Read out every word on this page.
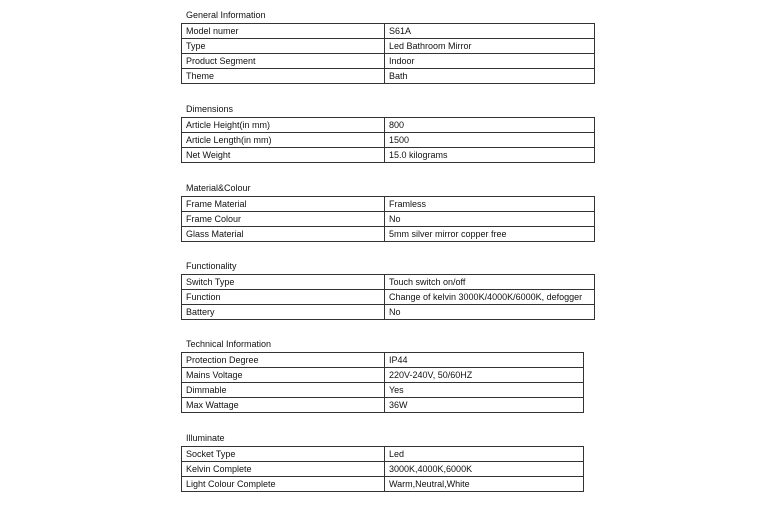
General Information
Model numer	S61A
Type	Led Bathroom Mirror
Product Segment	Indoor
Theme	Bath
Dimensions
Article Height(in mm)	800
Article Length(in mm)	1500
Net Weight	15.0 kilograms
Material&Colour
Frame Material	Framless
Frame Colour	No
Glass Material	5mm silver mirror copper free
Functionality
Switch Type	Touch switch on/off
Function	Change of kelvin 3000K/4000K/6000K, defogger
Battery	No
Technical Information
Protection Degree	IP44
Mains Voltage	220V-240V, 50/60HZ
Dimmable	Yes
Max Wattage	36W
Illuminate
Socket Type	Led
Kelvin Complete	3000K,4000K,6000K
Light Colour Complete	Warm,Neutral,White
